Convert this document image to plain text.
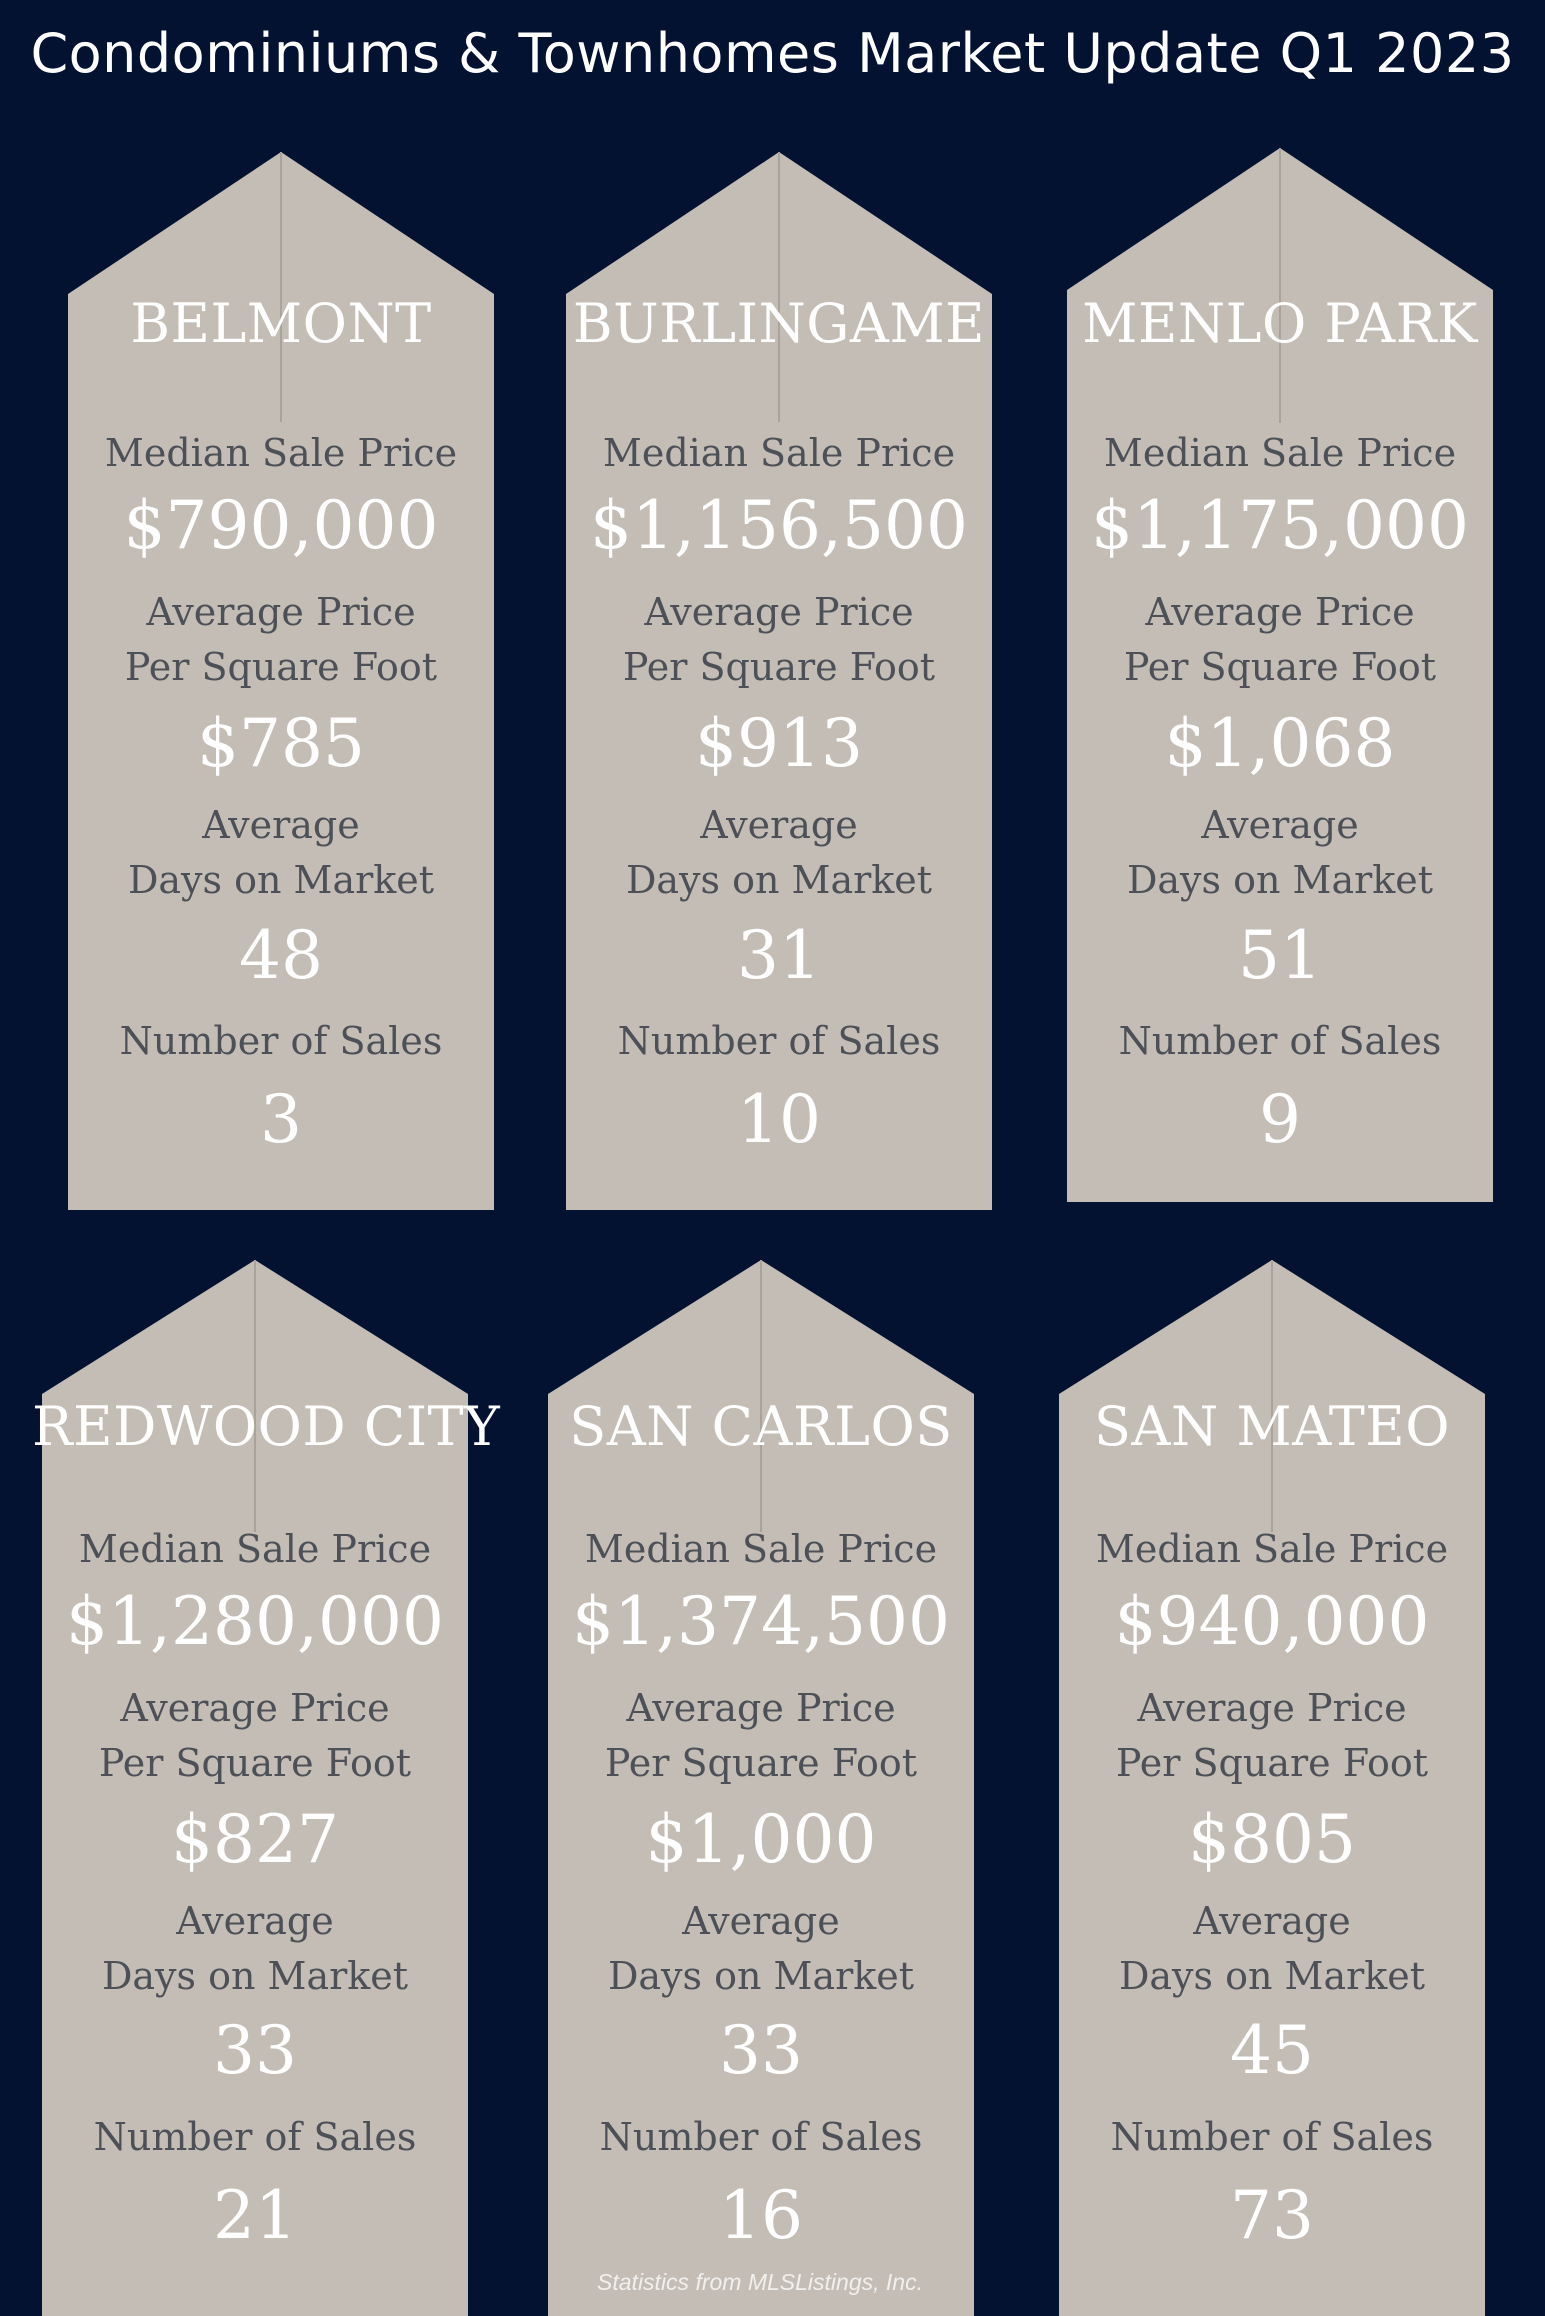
Condominiums & Townhomes Market Update Q1 2023
BELMONT
Median Sale Price
$790,000
Average Price
Per Square Foot
$785
Average
Days on Market
48
Number of Sales
3
BURLINGAME
Median Sale Price
$1,156,500
Average Price
Per Square Foot
$913
Average
Days on Market
31
Number of Sales
10
MENLO PARK
Median Sale Price
$1,175,000
Average Price
Per Square Foot
$1,068
Average
Days on Market
51
Number of Sales
9
REDWOOD CITY
Median Sale Price
$1,280,000
Average Price
Per Square Foot
$827
Average
Days on Market
33
Number of Sales
21
SAN CARLOS
Median Sale Price
$1,374,500
Average Price
Per Square Foot
$1,000
Average
Days on Market
33
Number of Sales
16
SAN MATEO
Median Sale Price
$940,000
Average Price
Per Square Foot
$805
Average
Days on Market
45
Number of Sales
73
Statistics from MLSListings, Inc.
